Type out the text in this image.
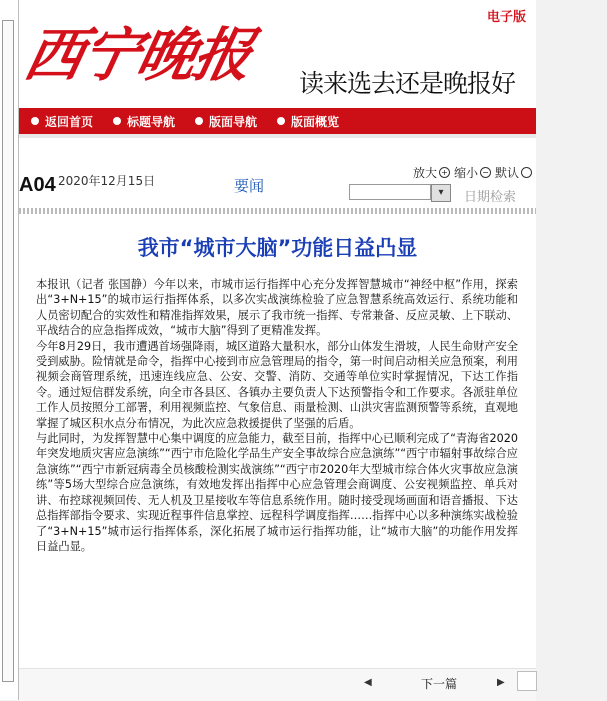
西宁晚报 读来选去还是晚报好
电子版
返回首页	标题导航	版面导航	版面概览
A04 2020年12月15日	要闻
放大 + 缩小 − 默认
▾	日期检索
我市“城市大脑”功能日益凸显

本报讯（记者 张国静）今年以来，市城市运行指挥中心充分发挥智慧城市“神经中枢”作用，探索出“3+N+15”的城市运行指挥体系，以多次实战演练检验了应急智慧系统高效运行、系统功能和人员密切配合的实效性和精准指挥效果，展示了我市统一指挥、专常兼备、反应灵敏、上下联动、平战结合的应急指挥成效，“城市大脑”得到了更精准发挥。

今年8月29日，我市遭遇首场强降雨，城区道路大量积水，部分山体发生滑坡，人民生命财产安全受到威胁。险情就是命令，指挥中心接到市应急管理局的指令，第一时间启动相关应急预案，利用视频会商管理系统，迅速连线应急、公安、交警、消防、交通等单位实时掌握情况，下达工作指令。通过短信群发系统，向全市各县区、各镇办主要负责人下达预警指令和工作要求。各派驻单位工作人员按照分工部署，利用视频监控、气象信息、雨量检测、山洪灾害监测预警等系统，直观地掌握了城区积水点分布情况，为此次应急救援提供了坚强的后盾。

与此同时，为发挥智慧中心集中调度的应急能力，截至目前，指挥中心已顺利完成了“青海省2020年突发地质灾害应急演练”“西宁市危险化学品生产安全事故综合应急演练”“西宁市辐射事故综合应急演练”“西宁市新冠病毒全员核酸检测实战演练”“西宁市2020年大型城市综合体火灾事故应急演练”等5场大型综合应急演练，有效地发挥出指挥中心应急管理会商调度、公安视频监控、单兵对讲、布控球视频回传、无人机及卫星接收车等信息系统作用。随时接受现场画面和语音播报、下达总指挥部指令要求、实现近程事件信息掌控、远程科学调度指挥……指挥中心以多种演练实战检验了“3+N+15”城市运行指挥体系，深化拓展了城市运行指挥功能，让“城市大脑”的功能作用发挥日益凸显。

◀	下一篇	▶
